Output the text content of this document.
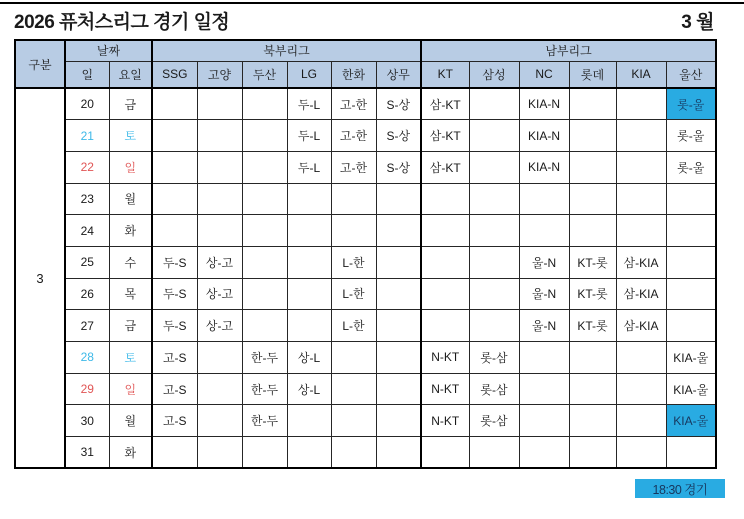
2026 퓨처스리그 경기 일정	3 월
구분	날짜		북부리그						남부리그					
	일	요일	SSG	고양	두산	LG	한화	상무	KT	삼성	NC	롯데	KIA	울산
3	20	금				두-L	고-한	S-상	삼-KT		KIA-N			롯-울
	21	토				두-L	고-한	S-상	삼-KT		KIA-N			롯-울
	22	일				두-L	고-한	S-상	삼-KT		KIA-N			롯-울
	23	월												
	24	화												
	25	수	두-S	상-고			L-한				울-N	KT-롯	삼-KIA	
	26	목	두-S	상-고			L-한				울-N	KT-롯	삼-KIA	
	27	금	두-S	상-고			L-한				울-N	KT-롯	삼-KIA	
	28	토	고-S		한-두	상-L			N-KT	롯-삼				KIA-울
	29	일	고-S		한-두	상-L			N-KT	롯-삼				KIA-울
	30	월	고-S		한-두				N-KT	롯-삼				KIA-울
	31	화												
18:30 경기
